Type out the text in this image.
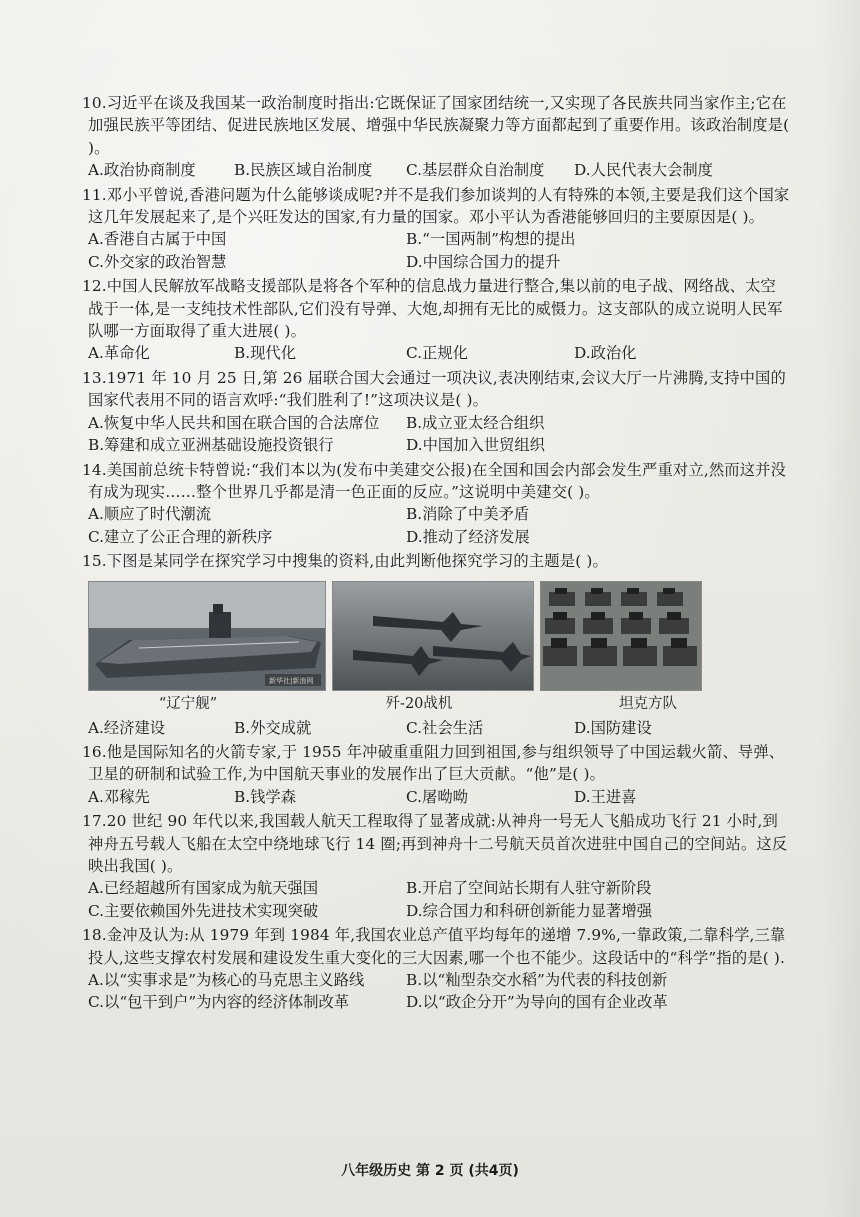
10.习近平在谈及我国某一政治制度时指出:它既保证了国家团结统一,又实现了各民族共同当家作主;它在加强民族平等团结、促进民族地区发展、增强中华民族凝聚力等方面都起到了重要作用。该政治制度是( )。

A.政治协商制度	B.民族区域自治制度	C.基层群众自治制度	D.人民代表大会制度

11.邓小平曾说,香港问题为什么能够谈成呢?并不是我们参加谈判的人有特殊的本领,主要是我们这个国家这几年发展起来了,是个兴旺发达的国家,有力量的国家。邓小平认为香港能够回归的主要原因是( )。

A.香港自古属于中国	B.“一国两制”构想的提出
C.外交家的政治智慧	D.中国综合国力的提升

12.中国人民解放军战略支援部队是将各个军种的信息战力量进行整合,集以前的电子战、网络战、太空战于一体,是一支纯技术性部队,它们没有导弹、大炮,却拥有无比的威慑力。这支部队的成立说明人民军队哪一方面取得了重大进展( )。

A.革命化	B.现代化	C.正规化	D.政治化

13.1971 年 10 月 25 日,第 26 届联合国大会通过一项决议,表决刚结束,会议大厅一片沸腾,支持中国的国家代表用不同的语言欢呼:“我们胜利了!”这项决议是( )。

A.恢复中华人民共和国在联合国的合法席位	B.成立亚太经合组织
B.筹建和成立亚洲基础设施投资银行	D.中国加入世贸组织

14.美国前总统卡特曾说:“我们本以为(发布中美建交公报)在全国和国会内部会发生严重对立,然而这并没有成为现实……整个世界几乎都是清一色正面的反应。”这说明中美建交( )。

A.顺应了时代潮流	B.消除了中美矛盾
C.建立了公正合理的新秩序	D.推动了经济发展

15.下图是某同学在探究学习中搜集的资料,由此判断他探究学习的主题是( )。

新华社|新浪网
“辽宁舰”	歼-20战机	坦克方队
A.经济建设	B.外交成就	C.社会生活	D.国防建设

16.他是国际知名的火箭专家,于 1955 年冲破重重阻力回到祖国,参与组织领导了中国运载火箭、导弹、卫星的研制和试验工作,为中国航天事业的发展作出了巨大贡献。“他”是( )。

A.邓稼先	B.钱学森	C.屠呦呦	D.王进喜

17.20 世纪 90 年代以来,我国载人航天工程取得了显著成就:从神舟一号无人飞船成功飞行 21 小时,到神舟五号载人飞船在太空中绕地球飞行 14 圈;再到神舟十二号航天员首次进驻中国自己的空间站。这反映出我国( )。

A.已经超越所有国家成为航天强国	B.开启了空间站长期有人驻守新阶段
C.主要依赖国外先进技术实现突破	D.综合国力和科研创新能力显著增强

18.金冲及认为:从 1979 年到 1984 年,我国农业总产值平均每年的递增 7.9%,一靠政策,二靠科学,三靠投人,这些支撑农村发展和建设发生重大变化的三大因素,哪一个也不能少。这段话中的“科学”指的是( ).

A.以“实事求是”为核心的马克思主义路线	B.以“籼型杂交水稻”为代表的科技创新
C.以“包干到户”为内容的经济体制改革	D.以“政企分开”为导向的国有企业改革
八年级历史 第 2 页 (共4页)
